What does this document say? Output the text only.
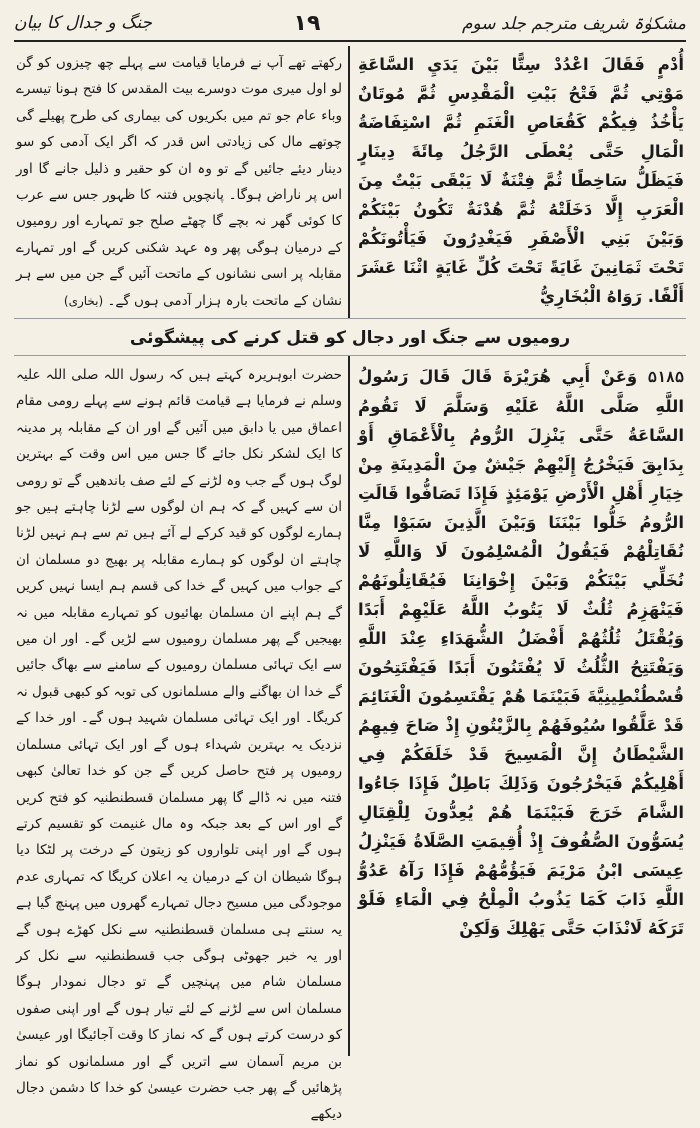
مشکوٰۃ شریف مترجم جلد سوم
١٩
جنگ و جدال کا بیان

أُدْمٍ فَقَالَ اعْدُدْ سِتًّا بَيْنَ يَدَيِ السَّاعَةِ مَوْتِي ثُمَّ فَتْحُ بَيْتِ الْمَقْدِسِ ثُمَّ مُوتَانٌ يَأْخُذُ فِيكُمْ كَقُعَاصِ الْغَنَمِ ثُمَّ اسْتِفَاضَةُ الْمَالِ حَتَّى يُعْطَى الرَّجُلُ مِائَةَ دِينَارٍ فَيَظَلُّ سَاخِطًا ثُمَّ فِتْنَةٌ لَا يَبْقَى بَيْتٌ مِنَ الْعَرَبِ إِلَّا دَخَلَتْهُ ثُمَّ هُدْنَةٌ تَكُونُ بَيْنَكُمْ وَبَيْنَ بَنِي الْأَصْفَرِ فَيَغْدِرُونَ فَيَأْتُونَكُمْ تَحْتَ ثَمَانِينَ غَايَةً تَحْتَ كُلِّ غَايَةٍ اثْنَا عَشَرَ أَلْفًا. رَوَاهُ الْبُخَارِيُّ

رکھتے تھے آپ نے فرمایا قیامت سے پہلے چھ چیزوں کو گن لو اول میری موت دوسرے بیت المقدس کا فتح ہونا تیسرے وباء عام جو تم میں بکریوں کی بیماری کی طرح پھیلے گی چوتھے مال کی زیادتی اس قدر کہ اگر ایک آدمی کو سو دینار دیئے جائیں گے تو وہ ان کو حقیر و ذلیل جانے گا اور اس پر ناراض ہوگا۔ پانچویں فتنہ کا ظہور جس سے عرب کا کوئی گھر نہ بچے گا چھٹے صلح جو تمہارے اور رومیوں کے درمیان ہوگی پھر وہ عہد شکنی کریں گے اور تمہارے مقابلہ پر اسی نشانوں کے ماتحت آئیں گے جن میں سے ہر نشان کے ماتحت بارہ ہزار آدمی ہوں گے۔ (بخاری)

رومیوں سے جنگ اور دجال کو قتل کرنے کی پیشگوئی

۵۱۸۵ وَعَنْ أَبِي هُرَيْرَةَ قَالَ قَالَ رَسُولُ اللَّهِ صَلَّى اللَّهُ عَلَيْهِ وَسَلَّمَ لَا تَقُومُ السَّاعَةُ حَتَّى يَنْزِلَ الرُّومُ بِالْأَعْمَاقِ أَوْ بِدَابِقَ فَيَخْرُجُ إِلَيْهِمْ جَيْشٌ مِنَ الْمَدِينَةِ مِنْ خِيَارِ أَهْلِ الْأَرْضِ يَوْمَئِذٍ فَإِذَا تَصَافُّوا قَالَتِ الرُّومُ خَلُّوا بَيْنَنَا وَبَيْنَ الَّذِينَ سَبَوْا مِنَّا نُقَاتِلْهُمْ فَيَقُولُ الْمُسْلِمُونَ لَا وَاللَّهِ لَا نُخَلِّي بَيْنَكُمْ وَبَيْنَ إِخْوَانِنَا فَيُقَاتِلُونَهُمْ فَيَنْهَزِمُ ثُلُثٌ لَا يَتُوبُ اللَّهُ عَلَيْهِمْ أَبَدًا وَيُقْتَلُ ثُلُثُهُمْ أَفْضَلُ الشُّهَدَاءِ عِنْدَ اللَّهِ وَيَفْتَتِحُ الثُّلُثُ لَا يُفْتَنُونَ أَبَدًا فَيَفْتَتِحُونَ قُسْطُنْطِينِيَّةَ فَبَيْنَمَا هُمْ يَقْتَسِمُونَ الْغَنَائِمَ قَدْ عَلَّقُوا سُيُوفَهُمْ بِالزَّيْتُونِ إِذْ صَاحَ فِيهِمُ الشَّيْطَانُ إِنَّ الْمَسِيحَ قَدْ خَلَفَكُمْ فِي أَهْلِيكُمْ فَيَخْرُجُونَ وَذَلِكَ بَاطِلٌ فَإِذَا جَاءُوا الشَّامَ خَرَجَ فَبَيْنَمَا هُمْ يُعِدُّونَ لِلْقِتَالِ يُسَوُّونَ الصُّفُوفَ إِذْ أُقِيمَتِ الصَّلَاةُ فَيَنْزِلُ عِيسَى ابْنُ مَرْيَمَ فَيَؤُمُّهُمْ فَإِذَا رَآهُ عَدُوُّ اللَّهِ ذَابَ كَمَا يَذُوبُ الْمِلْحُ فِي الْمَاءِ فَلَوْ تَرَكَهُ لَانْذَابَ حَتَّى يَهْلِكَ وَلَكِنْ

حضرت ابوہریرہ کہتے ہیں کہ رسول اللہ صلی اللہ علیہ وسلم نے فرمایا ہے قیامت قائم ہونے سے پہلے رومی مقام اعماق میں یا دابق میں آئیں گے اور ان کے مقابلہ پر مدینہ کا ایک لشکر نکل جائے گا جس میں اس وقت کے بہترین لوگ ہوں گے جب وہ لڑنے کے لئے صف باندھیں گے تو رومی ان سے کہیں گے کہ ہم ان لوگوں سے لڑنا چاہتے ہیں جو ہمارے لوگوں کو قید کرکے لے آئے ہیں تم سے ہم نہیں لڑنا چاہتے ان لوگوں کو ہمارے مقابلہ پر بھیج دو مسلمان ان کے جواب میں کہیں گے خدا کی قسم ہم ایسا نہیں کریں گے ہم اپنے ان مسلمان بھائیوں کو تمہارے مقابلہ میں نہ بھیجیں گے پھر مسلمان رومیوں سے لڑیں گے۔ اور ان میں سے ایک تہائی مسلمان رومیوں کے سامنے سے بھاگ جائیں گے خدا ان بھاگنے والے مسلمانوں کی توبہ کو کبھی قبول نہ کریگا۔ اور ایک تہائی مسلمان شہید ہوں گے۔ اور خدا کے نزدیک یہ بہترین شہداء ہوں گے اور ایک تہائی مسلمان رومیوں پر فتح حاصل کریں گے جن کو خدا تعالیٰ کبھی فتنہ میں نہ ڈالے گا پھر مسلمان قسطنطنیہ کو فتح کریں گے اور اس کے بعد جبکہ وہ مال غنیمت کو تقسیم کرتے ہوں گے اور اپنی تلواروں کو زیتون کے درخت پر لٹکا دیا ہوگا شیطان ان کے درمیان یہ اعلان کریگا کہ تمہاری عدم موجودگی میں مسیح دجال تمہارے گھروں میں پہنچ گیا ہے یہ سنتے ہی مسلمان قسطنطنیہ سے نکل کھڑے ہوں گے اور یہ خبر جھوٹی ہوگی جب قسطنطنیہ سے نکل کر مسلمان شام میں پہنچیں گے تو دجال نمودار ہوگا مسلمان اس سے لڑنے کے لئے تیار ہوں گے اور اپنی صفوں کو درست کرتے ہوں گے کہ نماز کا وقت آجائیگا اور عیسیٰ بن مریم آسمان سے اتریں گے اور مسلمانوں کو نماز پڑھائیں گے پھر جب حضرت عیسیٰ کو خدا کا دشمن دجال دیکھے
